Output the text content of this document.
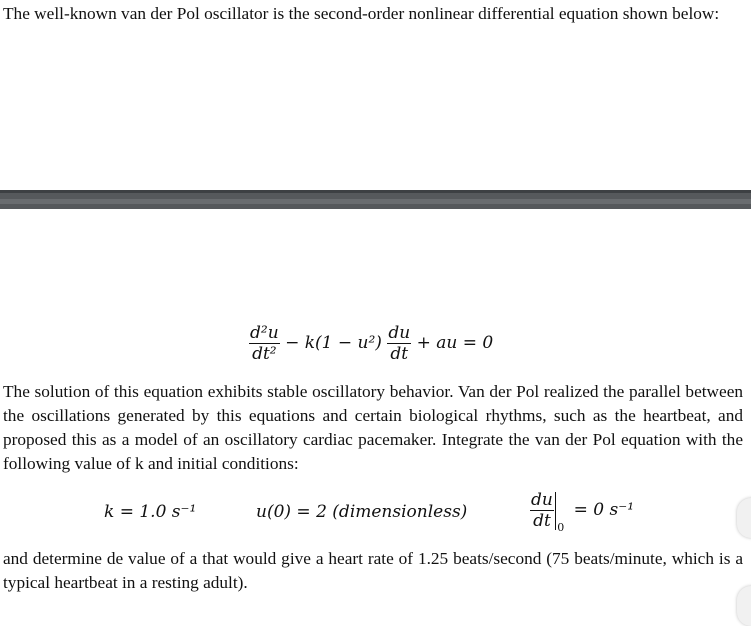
The well-known van der Pol oscillator is the second-order nonlinear differential equation shown below:

$\frac{\text{d²u}}{\text{dt²}} - k(1 - u^2) \frac{du}{dt}$ + au = 0

The solution of this equation exhibits stable oscillatory behavior. Van der Pol realized the parallel between the oscillations generated by this equations and certain biological rhythms, such as the heartbeat, and proposed this as a model of an oscillatory cardiac pacemaker. Integrate the van der Pol equation with the following value of k and initial conditions:

k = 1.0 s⁻¹	u(0) = 2 (dimensionless)	$\frac{du}{dt} _0 = 0$ s⁻¹

and determine de value of a that would give a heart rate of 1.25 beats/second (75 beats/minute, which is a typical heartbeat in a resting adult).
